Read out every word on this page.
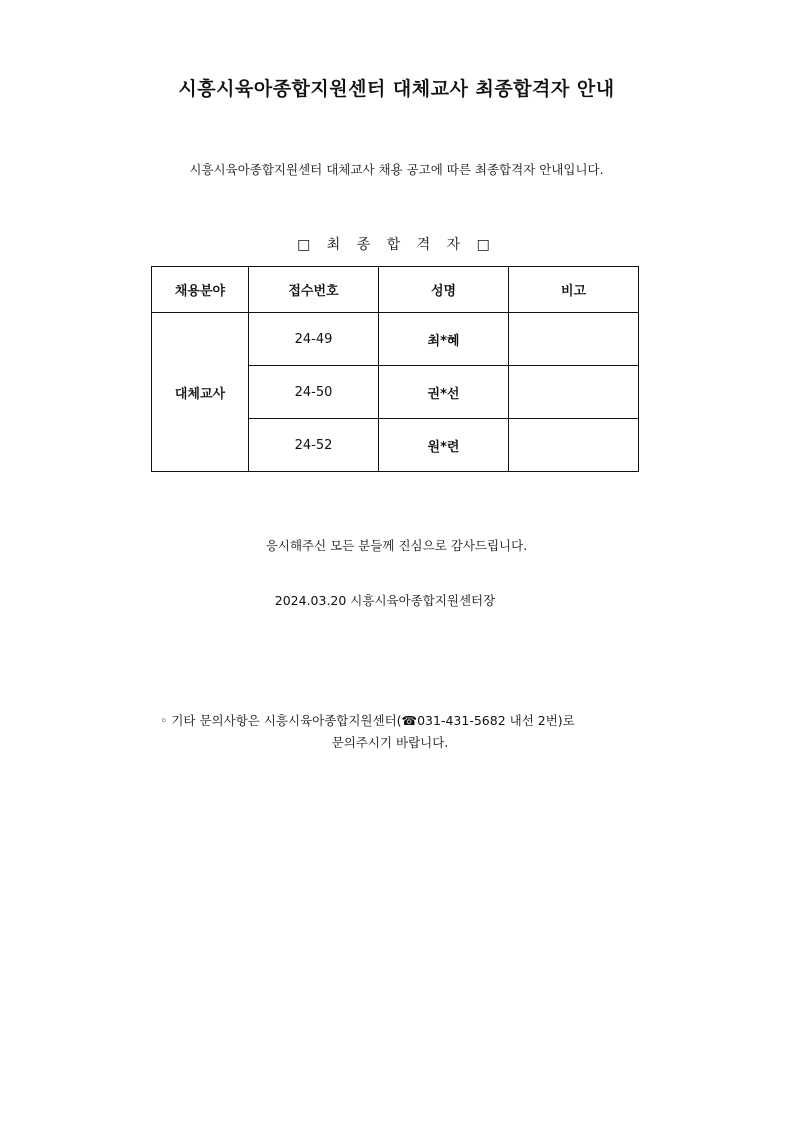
시흥시육아종합지원센터 대체교사 최종합격자 안내
시흥시육아종합지원센터 대체교사 채용 공고에 따른 최종합격자 안내입니다.
□ 최 종 합 격 자 □
채용분야	접수번호	성명	비고
대체교사	24-49	최*혜	
	24-50	권*선	
	24-52	원*련	
응시해주신 모든 분들께 진심으로 감사드립니다.
2024.03.20 시흥시육아종합지원센터장
◦ 기타 문의사항은 시흥시육아종합지원센터(☎031-431-5682 내선 2번)로
문의주시기 바랍니다.
